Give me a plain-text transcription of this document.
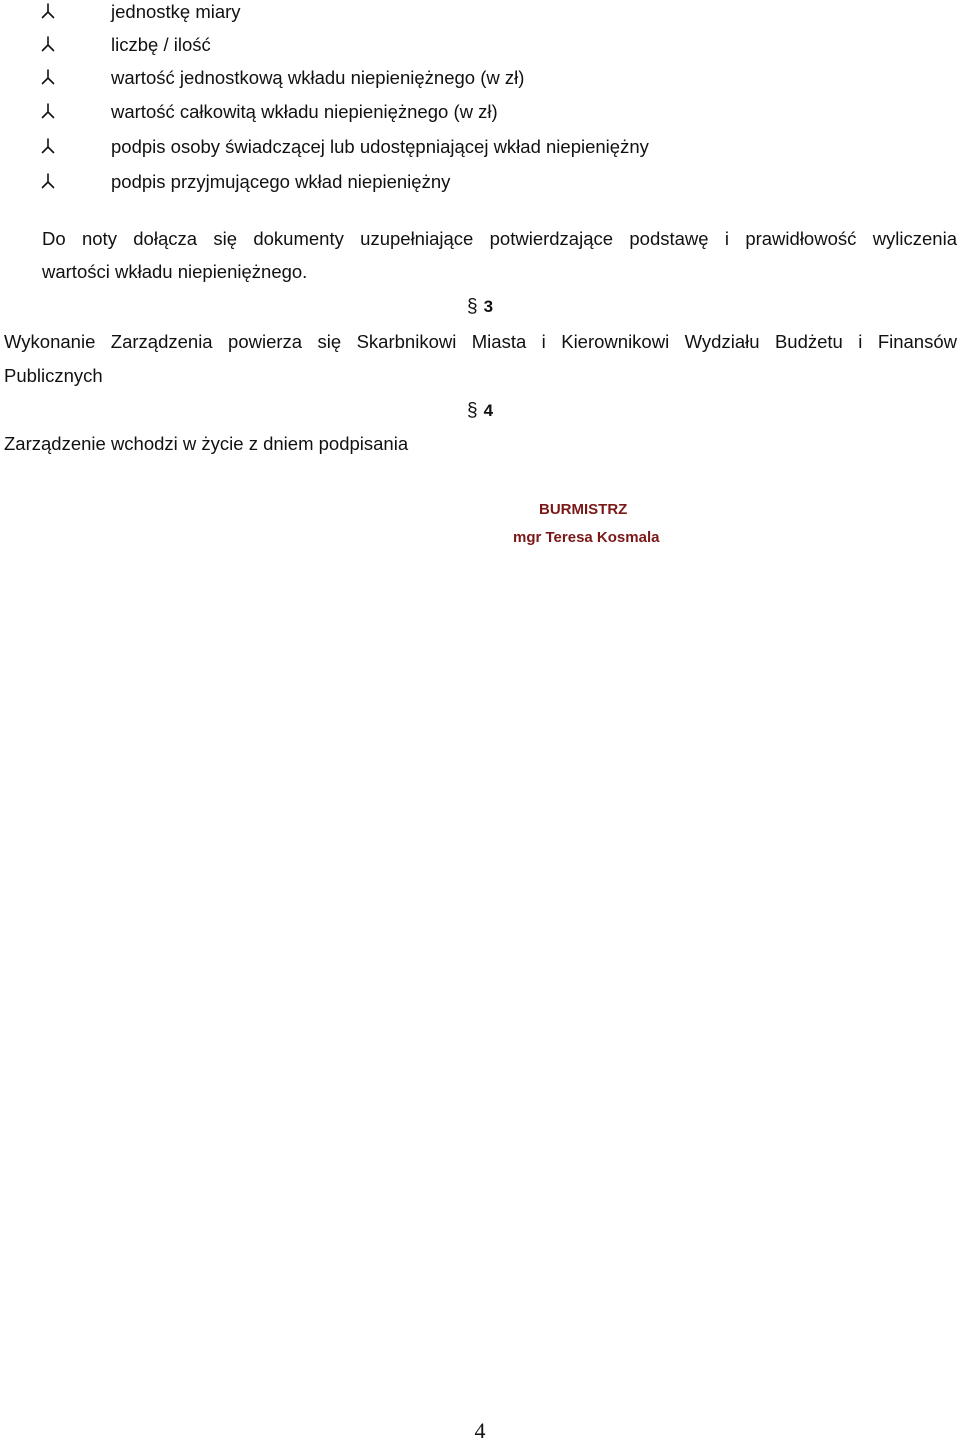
jednostkę miary
liczbę / ilość
wartość jednostkową wkładu niepieniężnego (w zł)
wartość całkowitą wkładu niepieniężnego (w zł)
podpis osoby świadczącej lub udostępniającej wkład niepieniężny
podpis przyjmującego wkład niepieniężny
Do noty dołącza się dokumenty uzupełniające potwierdzające podstawę i prawidłowość wyliczenia
wartości wkładu niepieniężnego.
§ 3
Wykonanie Zarządzenia powierza się Skarbnikowi Miasta i Kierownikowi Wydziału Budżetu i Finansów
Publicznych
§ 4
Zarządzenie wchodzi w życie z dniem podpisania
BURMISTRZ
mgr Teresa Kosmala
4
